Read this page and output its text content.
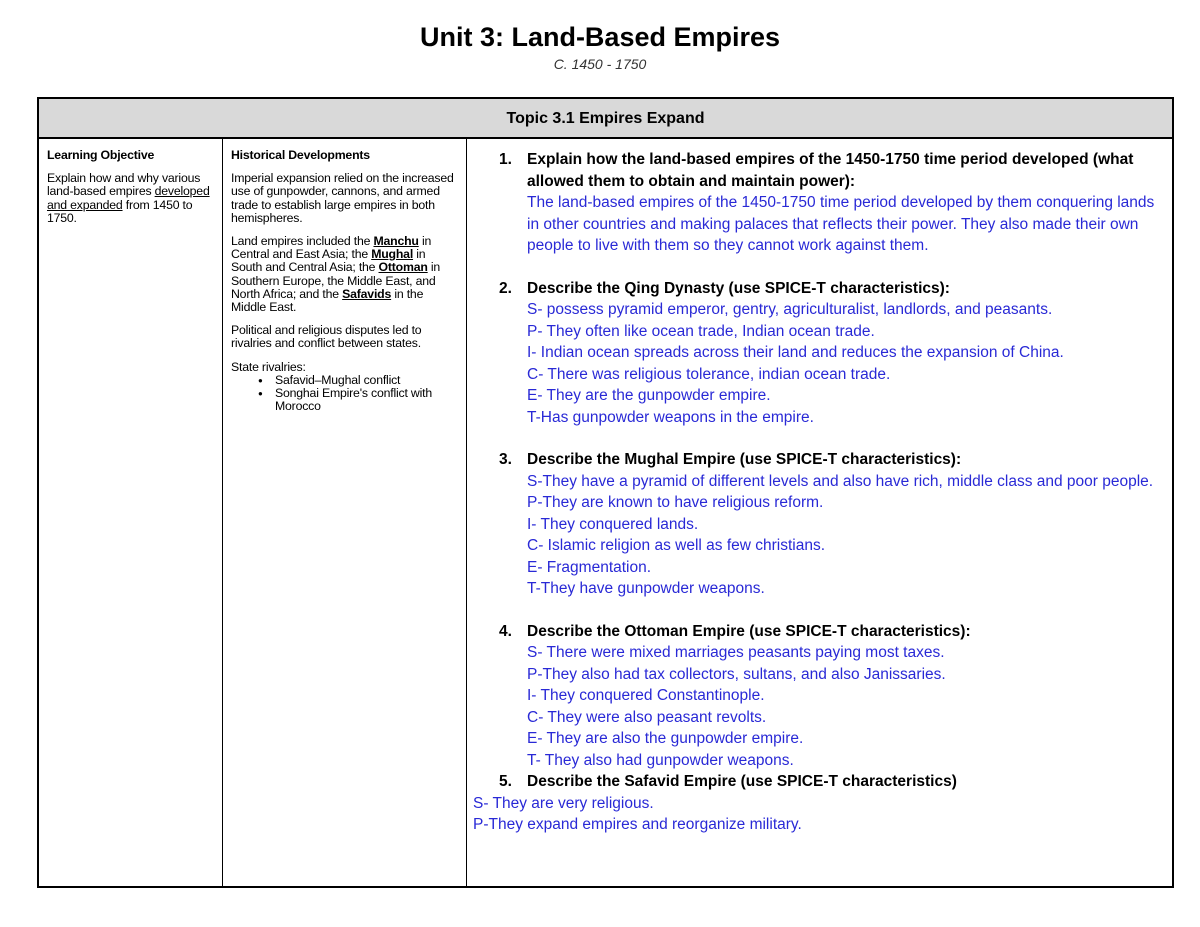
Unit 3: Land-Based Empires
C. 1450 - 1750
Topic 3.1 Empires Expand
Learning Objective
Explain how and why various land-based empires developed and expanded from 1450 to 1750.
Historical Developments

Imperial expansion relied on the increased use of gunpowder, cannons, and armed trade to establish large empires in both hemispheres.

Land empires included the Manchu in Central and East Asia; the Mughal in South and Central Asia; the Ottoman in Southern Europe, the Middle East, and North Africa; and the Safavids in the Middle East.

Political and religious disputes led to rivalries and conflict between states.

State rivalries:
● Safavid–Mughal conflict
● Songhai Empire's conflict with Morocco
1. Explain how the land-based empires of the 1450-1750 time period developed (what allowed them to obtain and maintain power):
The land-based empires of the 1450-1750 time period developed by them conquering lands in other countries and making palaces that reflects their power. They also made their own people to live with them so they cannot work against them.
2. Describe the Qing Dynasty (use SPICE-T characteristics):
S- possess pyramid emperor, gentry, agriculturalist, landlords, and peasants.
P- They often like ocean trade, Indian ocean trade.
I- Indian ocean spreads across their land and reduces the expansion of China.
C- There was religious tolerance, indian ocean trade.
E- They are the gunpowder empire.
T-Has gunpowder weapons in the empire.
3. Describe the Mughal Empire (use SPICE-T characteristics):
S-They have a pyramid of different levels and also have rich, middle class and poor people.
P-They are known to have religious reform.
I- They conquered lands.
C- Islamic religion as well as few christians.
E- Fragmentation.
T-They have gunpowder weapons.
4. Describe the Ottoman Empire (use SPICE-T characteristics):
S- There were mixed marriages peasants paying most taxes.
P-They also had tax collectors, sultans, and also Janissaries.
I- They conquered Constantinople.
C- They were also peasant revolts.
E- They are also the gunpowder empire.
T- They also had gunpowder weapons.
5. Describe the Safavid Empire (use SPICE-T characteristics)
S- They are very religious.
P-They expand empires and reorganize military.
